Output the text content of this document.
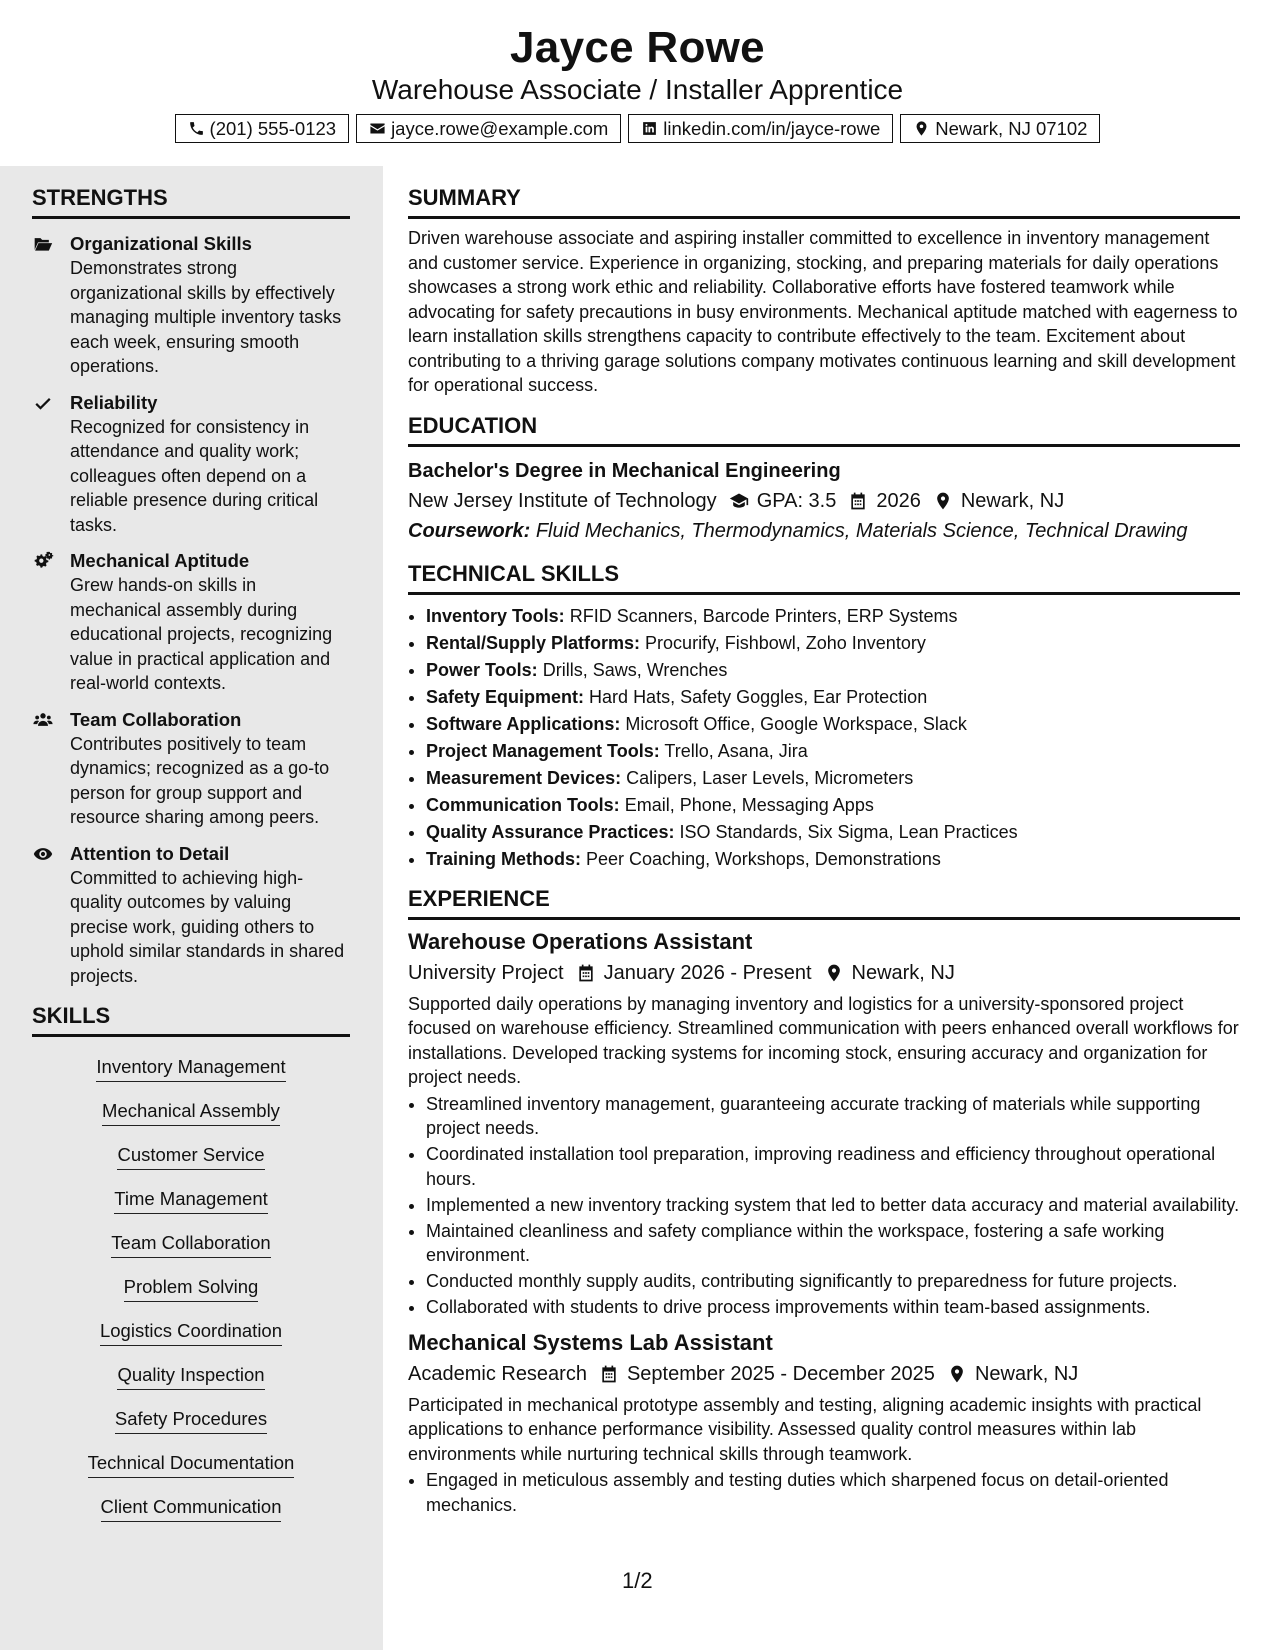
Jayce Rowe
Warehouse Associate / Installer Apprentice
(201) 555-0123	jayce.rowe@example.com	linkedin.com/in/jayce-rowe	Newark, NJ 07102
STRENGTHS
Organizational Skills
Demonstrates strong organizational skills by effectively managing multiple inventory tasks each week, ensuring smooth operations.
Reliability
Recognized for consistency in attendance and quality work; colleagues often depend on a reliable presence during critical tasks.
Mechanical Aptitude
Grew hands-on skills in mechanical assembly during educational projects, recognizing value in practical application and real-world contexts.
Team Collaboration
Contributes positively to team dynamics; recognized as a go-to person for group support and resource sharing among peers.
Attention to Detail
Committed to achieving high-quality outcomes by valuing precise work, guiding others to uphold similar standards in shared projects.
SKILLS
Inventory Management
Mechanical Assembly
Customer Service
Time Management
Team Collaboration
Problem Solving
Logistics Coordination
Quality Inspection
Safety Procedures
Technical Documentation
Client Communication
SUMMARY
Driven warehouse associate and aspiring installer committed to excellence in inventory management and customer service. Experience in organizing, stocking, and preparing materials for daily operations showcases a strong work ethic and reliability. Collaborative efforts have fostered teamwork while advocating for safety precautions in busy environments. Mechanical aptitude matched with eagerness to learn installation skills strengthens capacity to contribute effectively to the team. Excitement about contributing to a thriving garage solutions company motivates continuous learning and skill development for operational success.
EDUCATION
Bachelor's Degree in Mechanical Engineering
New Jersey Institute of Technology GPA: 3.5 2026 Newark, NJ
Coursework: Fluid Mechanics, Thermodynamics, Materials Science, Technical Drawing
TECHNICAL SKILLS
• Inventory Tools: RFID Scanners, Barcode Printers, ERP Systems
• Rental/Supply Platforms: Procurify, Fishbowl, Zoho Inventory
• Power Tools: Drills, Saws, Wrenches
• Safety Equipment: Hard Hats, Safety Goggles, Ear Protection
• Software Applications: Microsoft Office, Google Workspace, Slack
• Project Management Tools: Trello, Asana, Jira
• Measurement Devices: Calipers, Laser Levels, Micrometers
• Communication Tools: Email, Phone, Messaging Apps
• Quality Assurance Practices: ISO Standards, Six Sigma, Lean Practices
• Training Methods: Peer Coaching, Workshops, Demonstrations
EXPERIENCE
Warehouse Operations Assistant
University Project January 2026 - Present Newark, NJ
Supported daily operations by managing inventory and logistics for a university-sponsored project focused on warehouse efficiency. Streamlined communication with peers enhanced overall workflows for installations. Developed tracking systems for incoming stock, ensuring accuracy and organization for project needs.
• Streamlined inventory management, guaranteeing accurate tracking of materials while supporting project needs.
• Coordinated installation tool preparation, improving readiness and efficiency throughout operational hours.
• Implemented a new inventory tracking system that led to better data accuracy and material availability.
• Maintained cleanliness and safety compliance within the workspace, fostering a safe working environment.
• Conducted monthly supply audits, contributing significantly to preparedness for future projects.
• Collaborated with students to drive process improvements within team-based assignments.
Mechanical Systems Lab Assistant
Academic Research September 2025 - December 2025 Newark, NJ
Participated in mechanical prototype assembly and testing, aligning academic insights with practical applications to enhance performance visibility. Assessed quality control measures within lab environments while nurturing technical skills through teamwork.
• Engaged in meticulous assembly and testing duties which sharpened focus on detail-oriented mechanics.
1/2
